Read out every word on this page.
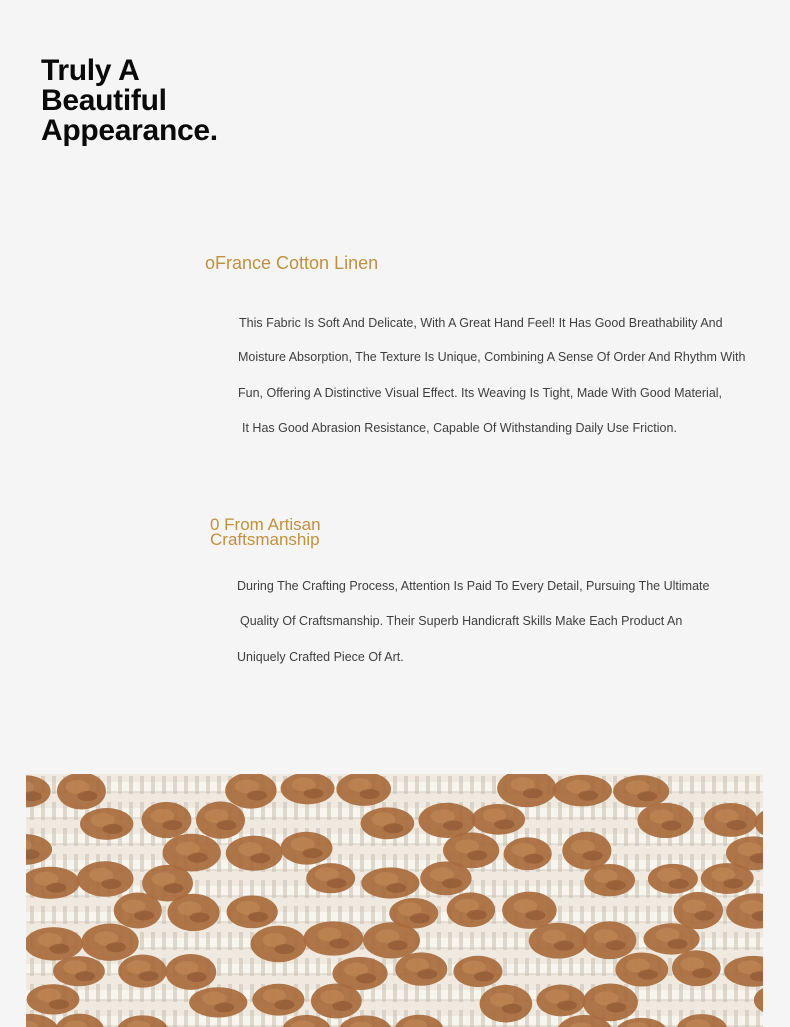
Truly A
Beautiful
Appearance.
oFrance Cotton Linen
This Fabric Is Soft And Delicate, With A Great Hand Feel! It Has Good Breathability And
Moisture Absorption, The Texture Is Unique, Combining A Sense Of Order And Rhythm With
Fun, Offering A Distinctive Visual Effect. Its Weaving Is Tight, Made With Good Material,
It Has Good Abrasion Resistance, Capable Of Withstanding Daily Use Friction.
0 From Artisan
Craftsmanship
During The Crafting Process, Attention Is Paid To Every Detail, Pursuing The Ultimate
Quality Of Craftsmanship. Their Superb Handicraft Skills Make Each Product An
Uniquely Crafted Piece Of Art.
